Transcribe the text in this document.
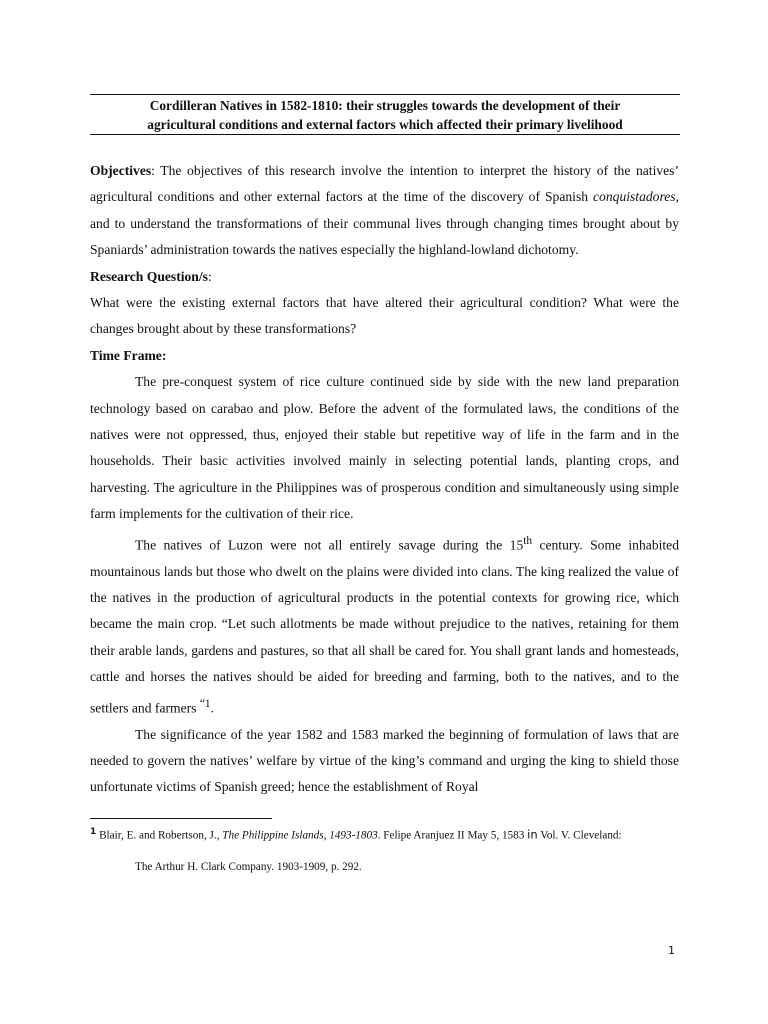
Cordilleran Natives in 1582-1810: their struggles towards the development of their
agricultural conditions and external factors which affected their primary livelihood

Objectives: The objectives of this research involve the intention to interpret the history of the natives’ agricultural conditions and other external factors at the time of the discovery of Spanish conquistadores, and to understand the transformations of their communal lives through changing times brought about by Spaniards’ administration towards the natives especially the highland-lowland dichotomy.

Research Question/s:

What were the existing external factors that have altered their agricultural condition? What were the changes brought about by these transformations?

Time Frame:

The pre-conquest system of rice culture continued side by side with the new land preparation technology based on carabao and plow. Before the advent of the formulated laws, the conditions of the natives were not oppressed, thus, enjoyed their stable but repetitive way of life in the farm and in the households. Their basic activities involved mainly in selecting potential lands, planting crops, and harvesting. The agriculture in the Philippines was of prosperous condition and simultaneously using simple farm implements for the cultivation of their rice.

The natives of Luzon were not all entirely savage during the 15th century. Some inhabited mountainous lands but those who dwelt on the plains were divided into clans. The king realized the value of the natives in the production of agricultural products in the potential contexts for growing rice, which became the main crop. “Let such allotments be made without prejudice to the natives, retaining for them their arable lands, gardens and pastures, so that all shall be cared for. You shall grant lands and homesteads, cattle and horses the natives should be aided for breeding and farming, both to the natives, and to the settlers and farmers $^{“1}$.

The significance of the year 1582 and 1583 marked the beginning of formulation of laws that are needed to govern the natives’ welfare by virtue of the king’s command and urging the king to shield those unfortunate victims of Spanish greed; hence the establishment of Royal

$^1$ Blair, E. and Robertson, J., The Philippine Islands, 1493-1803. Felipe Aranjuez II May 5, 1583 in Vol. V. Cleveland:
The Arthur H. Clark Company. 1903-1909, p. 292.
1
